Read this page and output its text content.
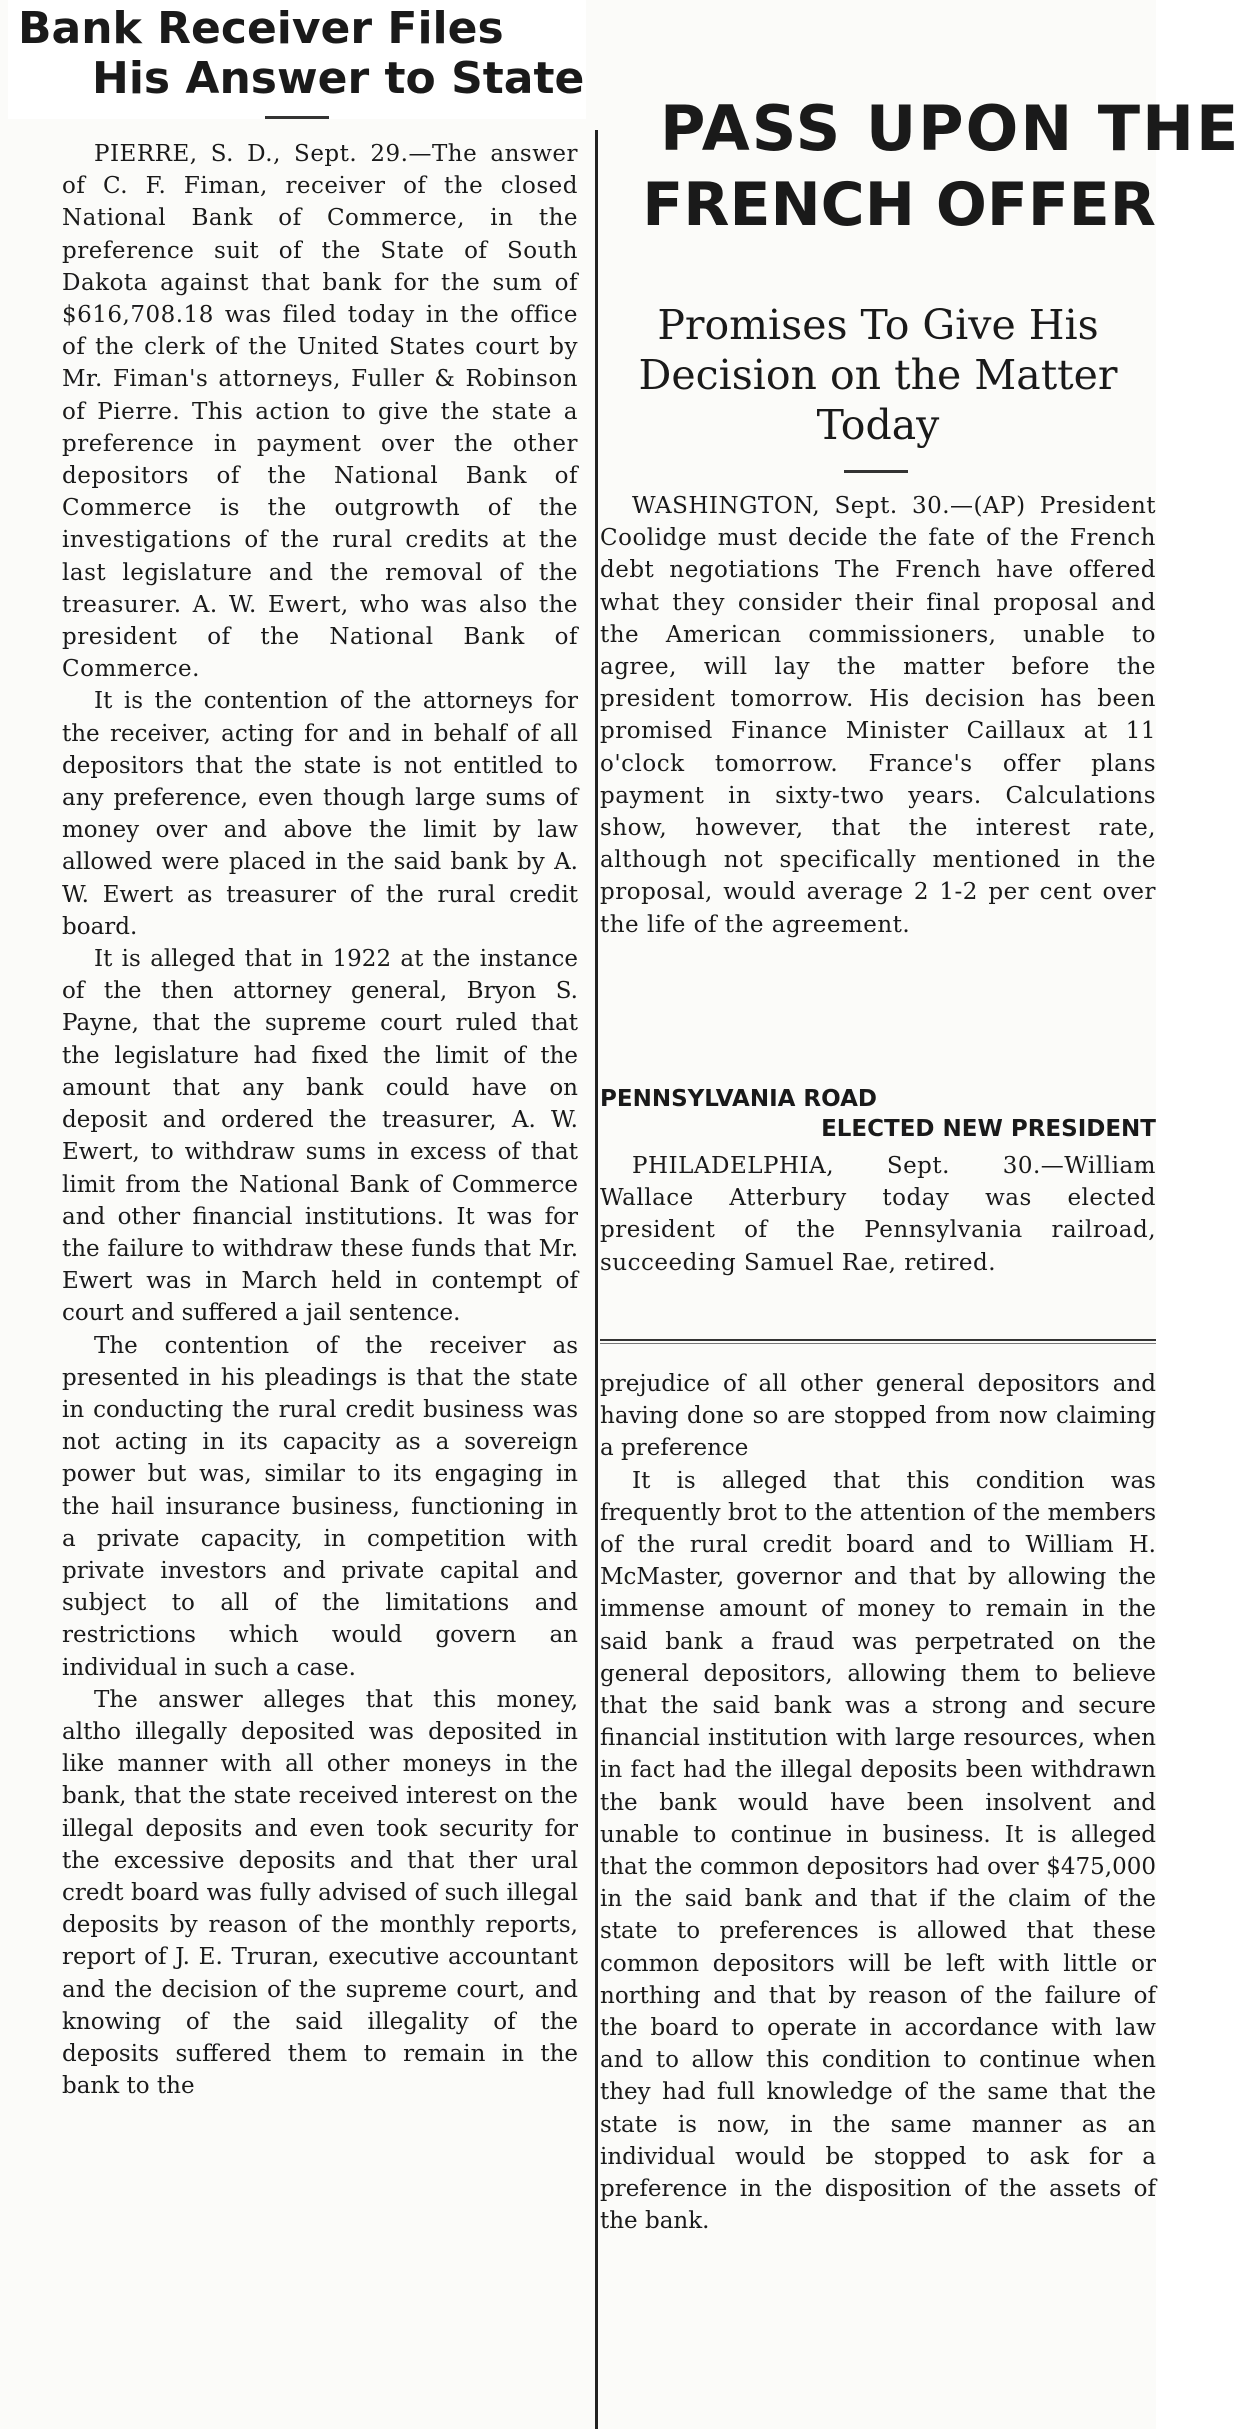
Bank Receiver Files
His Answer to State

PIERRE, S. D., Sept. 29.—The answer of C. F. Fiman, receiver of the closed National Bank of Commerce, in the preference suit of the State of South Dakota against that bank for the sum of $616,708.18 was filed today in the office of the clerk of the United States court by Mr. Fiman's attorneys, Fuller & Robinson of Pierre. This action to give the state a preference in payment over the other depositors of the National Bank of Commerce is the outgrowth of the investigations of the rural credits at the last legislature and the removal of the treasurer. A. W. Ewert, who was also the president of the National Bank of Commerce.

It is the contention of the attorneys for the receiver, acting for and in behalf of all depositors that the state is not entitled to any preference, even though large sums of money over and above the limit by law allowed were placed in the said bank by A. W. Ewert as treasurer of the rural credit board.

It is alleged that in 1922 at the instance of the then attorney general, Bryon S. Payne, that the supreme court ruled that the legislature had fixed the limit of the amount that any bank could have on deposit and ordered the treasurer, A. W. Ewert, to withdraw sums in excess of that limit from the National Bank of Commerce and other financial institutions. It was for the failure to withdraw these funds that Mr. Ewert was in March held in contempt of court and suffered a jail sentence.

The contention of the receiver as presented in his pleadings is that the state in conducting the rural credit business was not acting in its capacity as a sovereign power but was, similar to its engaging in the hail insurance business, functioning in a private capacity, in competition with private investors and private capital and subject to all of the limitations and restrictions which would govern an individual in such a case.

The answer alleges that this money, altho illegally deposited was deposited in like manner with all other moneys in the bank, that the state received interest on the illegal deposits and even took security for the excessive deposits and that ther ural credt board was fully advised of such illegal deposits by reason of the monthly reports, report of J. E. Truran, executive accountant and the decision of the supreme court, and knowing of the said illegality of the deposits suffered them to remain in the bank to the

PASS UPON THE
FRENCH OFFER
Promises To Give His Decision on the Matter Today

WASHINGTON, Sept. 30.—(AP) President Coolidge must decide the fate of the French debt negotiations The French have offered what they consider their final proposal and the American commissioners, unable to agree, will lay the matter before the president tomorrow. His decision has been promised Finance Minister Caillaux at 11 o'clock tomorrow. France's offer plans payment in sixty-two years. Calculations show, however, that the interest rate, although not specifically mentioned in the proposal, would average 2 1-2 per cent over the life of the agreement.

PENNSYLVANIA ROAD
ELECTED NEW PRESIDENT

PHILADELPHIA, Sept. 30.—William Wallace Atterbury today was elected president of the Pennsylvania railroad, succeeding Samuel Rae, retired.

prejudice of all other general depositors and having done so are stopped from now claiming a preference

It is alleged that this condition was frequently brot to the attention of the members of the rural credit board and to William H. McMaster, governor and that by allowing the immense amount of money to remain in the said bank a fraud was perpetrated on the general depositors, allowing them to believe that the said bank was a strong and secure financial institution with large resources, when in fact had the illegal deposits been withdrawn the bank would have been insolvent and unable to continue in business. It is alleged that the common depositors had over $475,000 in the said bank and that if the claim of the state to preferences is allowed that these common depositors will be left with little or northing and that by reason of the failure of the board to operate in accordance with law and to allow this condition to continue when they had full knowledge of the same that the state is now, in the same manner as an individual would be stopped to ask for a preference in the disposition of the assets of the bank.
